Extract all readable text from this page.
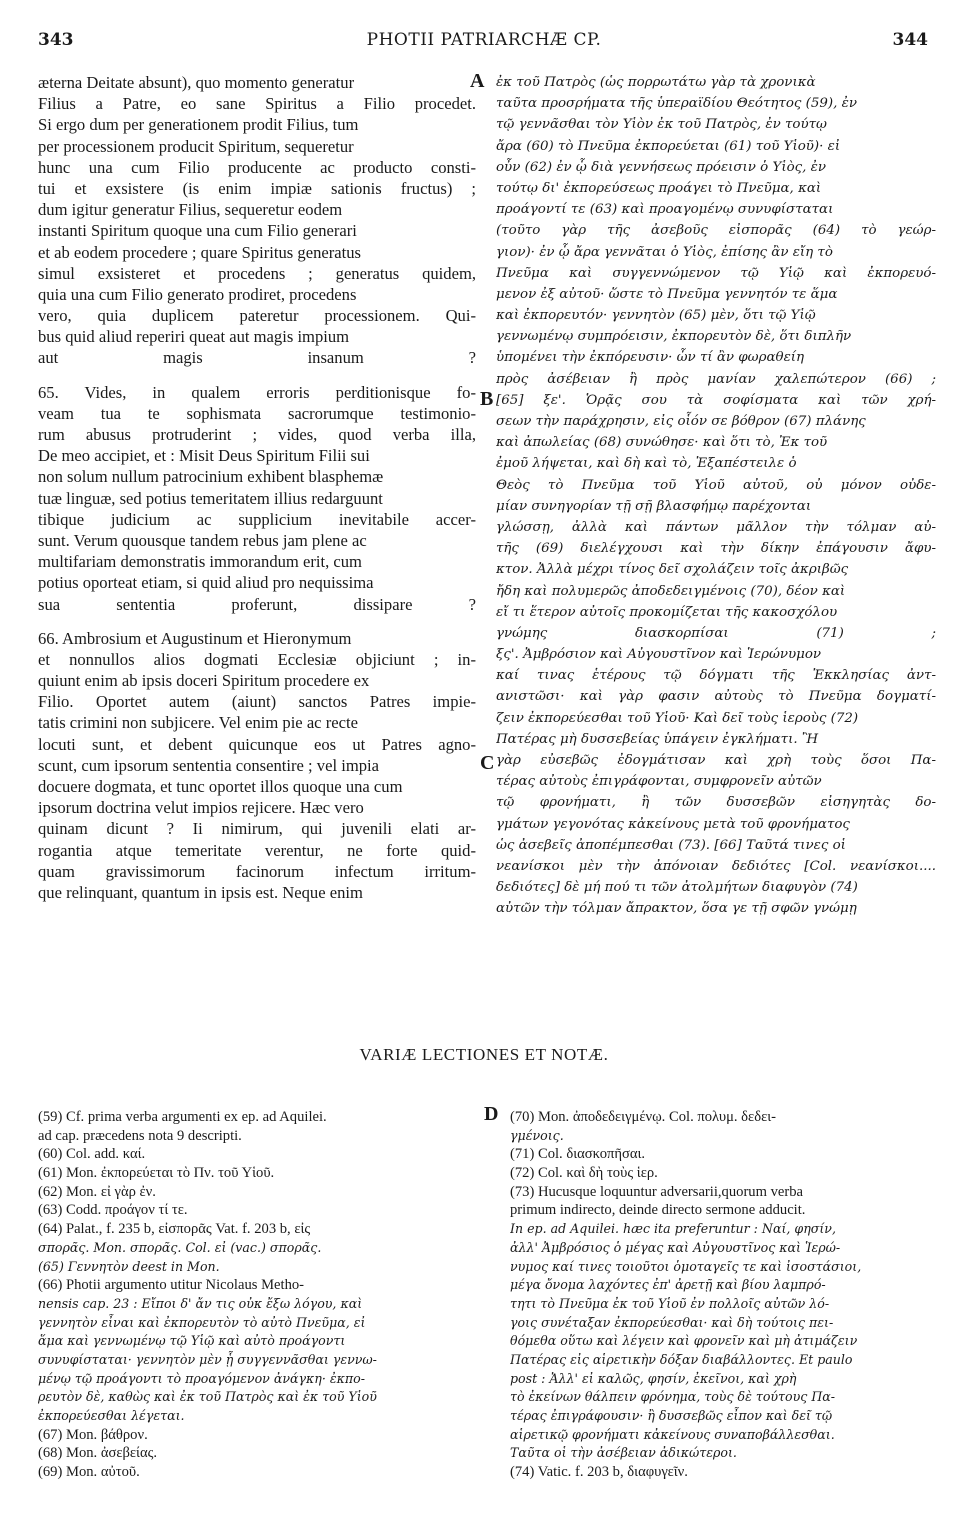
343	PHOTII PATRIARCHÆ CP.	344
A
B
C
D
æterna Deitate absunt), quo momento generatur
Filius a Patre, eo sane Spiritus a Filio procedet.
Si ergo dum per generationem prodit Filius, tum
per processionem producit Spiritum, sequeretur
hunc una cum Filio producente ac producto consti-
tui et exsistere (is enim impiæ sationis fructus) ;
dum igitur generatur Filius, sequeretur eodem
instanti Spiritum quoque una cum Filio generari
et ab eodem procedere ; quare Spiritus generatus
simul exsisteret et procedens ; generatus quidem,
quia una cum Filio generato prodiret, procedens
vero, quia duplicem pateretur processionem. Qui-
bus quid aliud reperiri queat aut magis impium
aut magis insanum ?
65. Vides, in qualem erroris perditionisque fo-
veam tua te sophismata sacrorumque testimonio-
rum abusus protruderint ; vides, quod verba illa,
De meo accipiet, et : Misit Deus Spiritum Filii sui
non solum nullum patrocinium exhibent blasphemæ
tuæ linguæ, sed potius temeritatem illius redarguunt
tibique judicium ac supplicium inevitabile accer-
sunt. Verum quousque tandem rebus jam plene ac
multifariam demonstratis immorandum erit, cum
potius oporteat etiam, si quid aliud pro nequissima
sua sententia proferunt, dissipare ?
66. Ambrosium et Augustinum et Hieronymum
et nonnullos alios dogmati Ecclesiæ objiciunt ; in-
quiunt enim ab ipsis doceri Spiritum procedere ex
Filio. Oportet autem (aiunt) sanctos Patres impie-
tatis crimini non subjicere. Vel enim pie ac recte
locuti sunt, et debent quicunque eos ut Patres agno-
scunt, cum ipsorum sententia consentire ; vel impia
docuere dogmata, et tunc oportet illos quoque una cum
ipsorum doctrina velut impios rejicere. Hæc vero
quinam dicunt ? Ii nimirum, qui juvenili elati ar-
rogantia atque temeritate verentur, ne forte quid-
quam gravissimorum facinorum infectum irritum-
que relinquant, quantum in ipsis est. Neque enim
ἐκ τοῦ Πατρὸς (ὡς πορρωτάτω γὰρ τὰ χρονικὰ
ταῦτα προσρήματα τῆς ὑπεραϊδίου Θεότητος (59), ἐν
τῷ γεννᾶσθαι τὸν Υἱὸν ἐκ τοῦ Πατρὸς, ἐν τούτῳ
ἄρα (60) τὸ Πνεῦμα ἐκπορεύεται (61) τοῦ Υἱοῦ)· εἰ
οὖν (62) ἐν ᾧ διὰ γεννήσεως πρόεισιν ὁ Υἱὸς, ἐν
τούτῳ δι' ἐκπορεύσεως προάγει τὸ Πνεῦμα, καὶ
προάγοντί τε (63) καὶ προαγομένῳ συνυφίσταται
(τοῦτο γὰρ τῆς ἀσεβοῦς εἰσπορᾶς (64) τὸ γεώρ-
γιον)· ἐν ᾧ ἄρα γεννᾶται ὁ Υἱὸς, ἐπίσης ἂν εἴη τὸ
Πνεῦμα καὶ συγγεννώμενον τῷ Υἱῷ καὶ ἐκπορευό-
μενον ἐξ αὐτοῦ· ὥστε τὸ Πνεῦμα γεννητόν τε ἅμα
καὶ ἐκπορευτόν· γεννητὸν (65) μὲν, ὅτι τῷ Υἱῷ
γεννωμένῳ συμπρόεισιν, ἐκπορευτὸν δὲ, ὅτι διπλῆν
ὑπομένει τὴν ἐκπόρευσιν· ὧν τί ἂν φωραθείη
πρὸς ἀσέβειαν ἢ πρὸς μανίαν χαλεπώτερον (66) ;
[65] ξε'. Ὁρᾷς σου τὰ σοφίσματα καὶ τῶν χρή-
σεων τὴν παράχρησιν, εἰς οἷόν σε βόθρον (67) πλάνης
καὶ ἀπωλείας (68) συνώθησε· καὶ ὅτι τὸ, Ἐκ τοῦ
ἐμοῦ λήψεται, καὶ δὴ καὶ τὸ, Ἐξαπέστειλε ὁ
Θεὸς τὸ Πνεῦμα τοῦ Υἱοῦ αὐτοῦ, οὐ μόνον οὐδε-
μίαν συνηγορίαν τῇ σῇ βλασφήμῳ παρέχονται
γλώσσῃ, ἀλλὰ καὶ πάντων μᾶλλον τὴν τόλμαν αὐ-
τῆς (69) διελέγχουσι καὶ τὴν δίκην ἐπάγουσιν ἄφυ-
κτον. Ἀλλὰ μέχρι τίνος δεῖ σχολάζειν τοῖς ἀκριβῶς
ἤδη καὶ πολυμερῶς ἀποδεδειγμένοις (70), δέον καὶ
εἴ τι ἕτερον αὐτοῖς προκομίζεται τῆς κακοσχόλου
γνώμης διασκορπίσαι (71) ;
ξς'. Ἀμβρόσιον καὶ Αὐγουστῖνον καὶ Ἱερώνυμον
καί τινας ἑτέρους τῷ δόγματι τῆς Ἐκκλησίας ἀντ-
ανιστῶσι· καὶ γὰρ φασιν αὐτοὺς τὸ Πνεῦμα δογματί-
ζειν ἐκπορεύεσθαι τοῦ Υἱοῦ· Καὶ δεῖ τοὺς ἱεροὺς (72)
Πατέρας μὴ δυσσεβείας ὑπάγειν ἐγκλήματι. Ἢ
γὰρ εὐσεβῶς ἐδογμάτισαν καὶ χρὴ τοὺς ὅσοι Πα-
τέρας αὐτοὺς ἐπιγράφονται, συμφρονεῖν αὐτῶν
τῷ φρονήματι, ἢ τῶν δυσσεβῶν εἰσηγητὰς δο-
γμάτων γεγονότας κἀκείνους μετὰ τοῦ φρονήματος
ὡς ἀσεβεῖς ἀποπέμπεσθαι (73). [66] Ταῦτά τινες οἱ
νεανίσκοι μὲν τὴν ἀπόνοιαν δεδιότες [Col. νεανίσκοι....
δεδιότες] δὲ μή πού τι τῶν ἀτολμήτων διαφυγὸν (74)
αὐτῶν τὴν τόλμαν ἄπρακτον, ὅσα γε τῇ σφῶν γνώμῃ
VARIÆ LECTIONES ET NOTÆ.
(59) Cf. prima verba argumenti ex ep. ad Aquilei.
ad cap. præcedens nota 9 descripti.
(60) Col. add. καί.
(61) Mon. ἐκπορεύεται τὸ Πν. τοῦ Υἱοῦ.
(62) Mon. εἰ γὰρ ἐν.
(63) Codd. προάγον τί τε.
(64) Palat., f. 235 b, εἰσπορᾶς Vat. f. 203 b, εἰς
σπορᾶς. Mon. σπορᾶς. Col. εἰ (vac.) σπορᾶς.
(65) Γεννητὸν deest in Mon.
(66) Photii argumento utitur Nicolaus Metho-
nensis cap. 23 : Εἴποι δ' ἄν τις οὐκ ἔξω λόγου, καὶ
γεννητὸν εἶναι καὶ ἐκπορευτὸν τὸ αὐτὸ Πνεῦμα, εἰ
ἅμα καὶ γεννωμένῳ τῷ Υἱῷ καὶ αὐτὸ προάγοντι
συνυφίσταται· γεννητὸν μὲν ᾗ συγγεννᾶσθαι γεννω-
μένῳ τῷ προάγοντι τὸ προαγόμενον ἀνάγκη· ἐκπο-
ρευτὸν δὲ, καθὼς καὶ ἐκ τοῦ Πατρὸς καὶ ἐκ τοῦ Υἱοῦ
ἐκπορεύεσθαι λέγεται.
(67) Mon. βάθρον.
(68) Mon. ἀσεβείας.
(69) Mon. αὐτοῦ.
(70) Mon. ἀποδεδειγμένῳ. Col. πολυμ. δεδει-
γμένοις.
(71) Col. διασκοπῆσαι.
(72) Col. καὶ δὴ τοὺς ἱερ.
(73) Hucusque loquuntur adversarii,quorum verba
primum indirecto, deinde directo sermone adducit.
In ep. ad Aquilei. hæc ita preferuntur : Ναί, φησίν,
ἀλλ' Ἀμβρόσιος ὁ μέγας καὶ Αὐγουστῖνος καὶ Ἱερώ-
νυμος καί τινες τοιοῦτοι ὁμοταγεῖς τε καὶ ἰσοστάσιοι,
μέγα ὄνομα λαχόντες ἐπ' ἀρετῇ καὶ βίου λαμπρό-
τητι τὸ Πνεῦμα ἐκ τοῦ Υἱοῦ ἐν πολλοῖς αὐτῶν λό-
γοις συνέταξαν ἐκπορεύεσθαι· καὶ δὴ τούτοις πει-
θόμεθα οὕτω καὶ λέγειν καὶ φρονεῖν καὶ μὴ ἀτιμάζειν
Πατέρας εἰς αἱρετικὴν δόξαν διαβάλλοντες. Et paulo
post : Ἀλλ' εἰ καλῶς, φησίν, ἐκεῖνοι, καὶ χρὴ
τὸ ἐκείνων θάλπειν φρόνημα, τοὺς δὲ τούτους Πα-
τέρας ἐπιγράφουσιν· ἢ δυσσεβῶς εἶπον καὶ δεῖ τῷ
αἱρετικῷ φρονήματι κἀκείνους συναποβάλλεσθαι.
Ταῦτα οἱ τὴν ἀσέβειαν ἀδικώτεροι.
(74) Vatic. f. 203 b, διαφυγεῖν.
